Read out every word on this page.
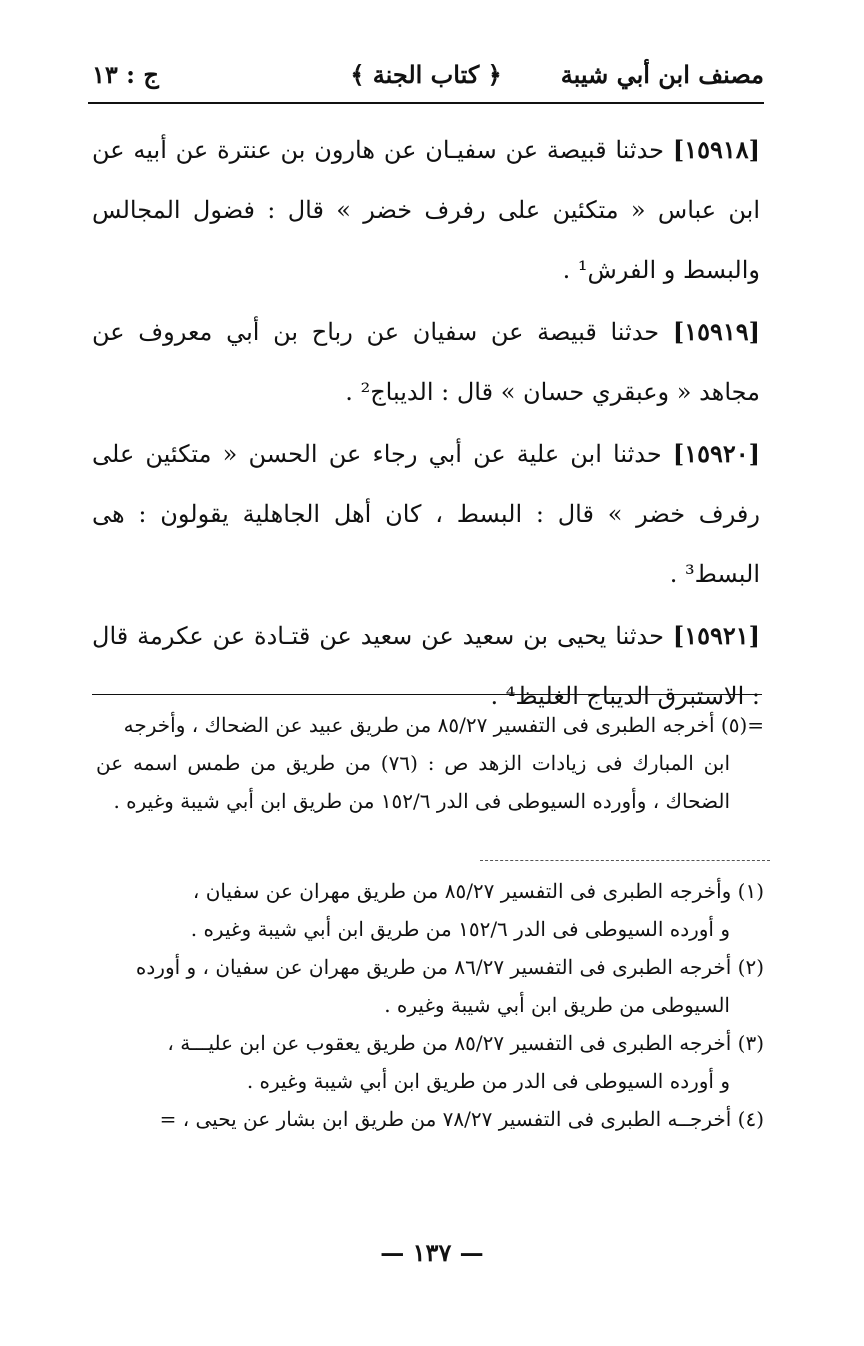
مصنف ابن أبي شيبة
﴿ كتاب الجنة ﴾
ج : ١٣

[١٥٩١٨] حدثنا قبيصة عن سفيـان عن هارون بن عنترة عن أبيه عن ابن عباس « متكئين على رفرف خضر » قال : فضول المجالس والبسط و الفرش¹ .

[١٥٩١٩] حدثنا قبيصة عن سفيان عن رباح بن أبي معروف عن مجاهد « وعبقري حسان » قال : الديباج² .

[١٥٩٢٠] حدثنا ابن علية عن أبي رجاء عن الحسن « متكئين على رفرف خضر » قال : البسط ، كان أهل الجاهلية يقولون : هى البسط³ .

[١٥٩٢١] حدثنا يحيى بن سعيد عن سعيد عن قتـادة عن عكرمة قال : الاستبرق الديباج الغليظ⁴ .

=(٥) أخرجه الطبرى فى التفسير ٨٥/٢٧ من طريق عبيد عن الضحاك ، وأخرجه
ابن المبارك فى زيادات الزهد ص : (٧٦) من طريق من طمس اسمه عن الضحاك ، وأورده السيوطى فى الدر ١٥٢/٦ من طريق ابن أبي شيبة وغيره .

(١) وأخرجه الطبرى فى التفسير ٨٥/٢٧ من طريق مهران عن سفيان ،
و أورده السيوطى فى الدر ١٥٢/٦ من طريق ابن أبي شيبة وغيره .

(٢) أخرجه الطبرى فى التفسير ٨٦/٢٧ من طريق مهران عن سفيان ، و أورده
السيوطى من طريق ابن أبي شيبة وغيره .

(٣) أخرجه الطبرى فى التفسير ٨٥/٢٧ من طريق يعقوب عن ابن عليـــة ،
و أورده السيوطى فى الدر من طريق ابن أبي شيبة وغيره .

(٤) أخرجــه الطبرى فى التفسير ٧٨/٢٧ من طريق ابن بشار عن يحيى ، =

— ١٣٧ —
